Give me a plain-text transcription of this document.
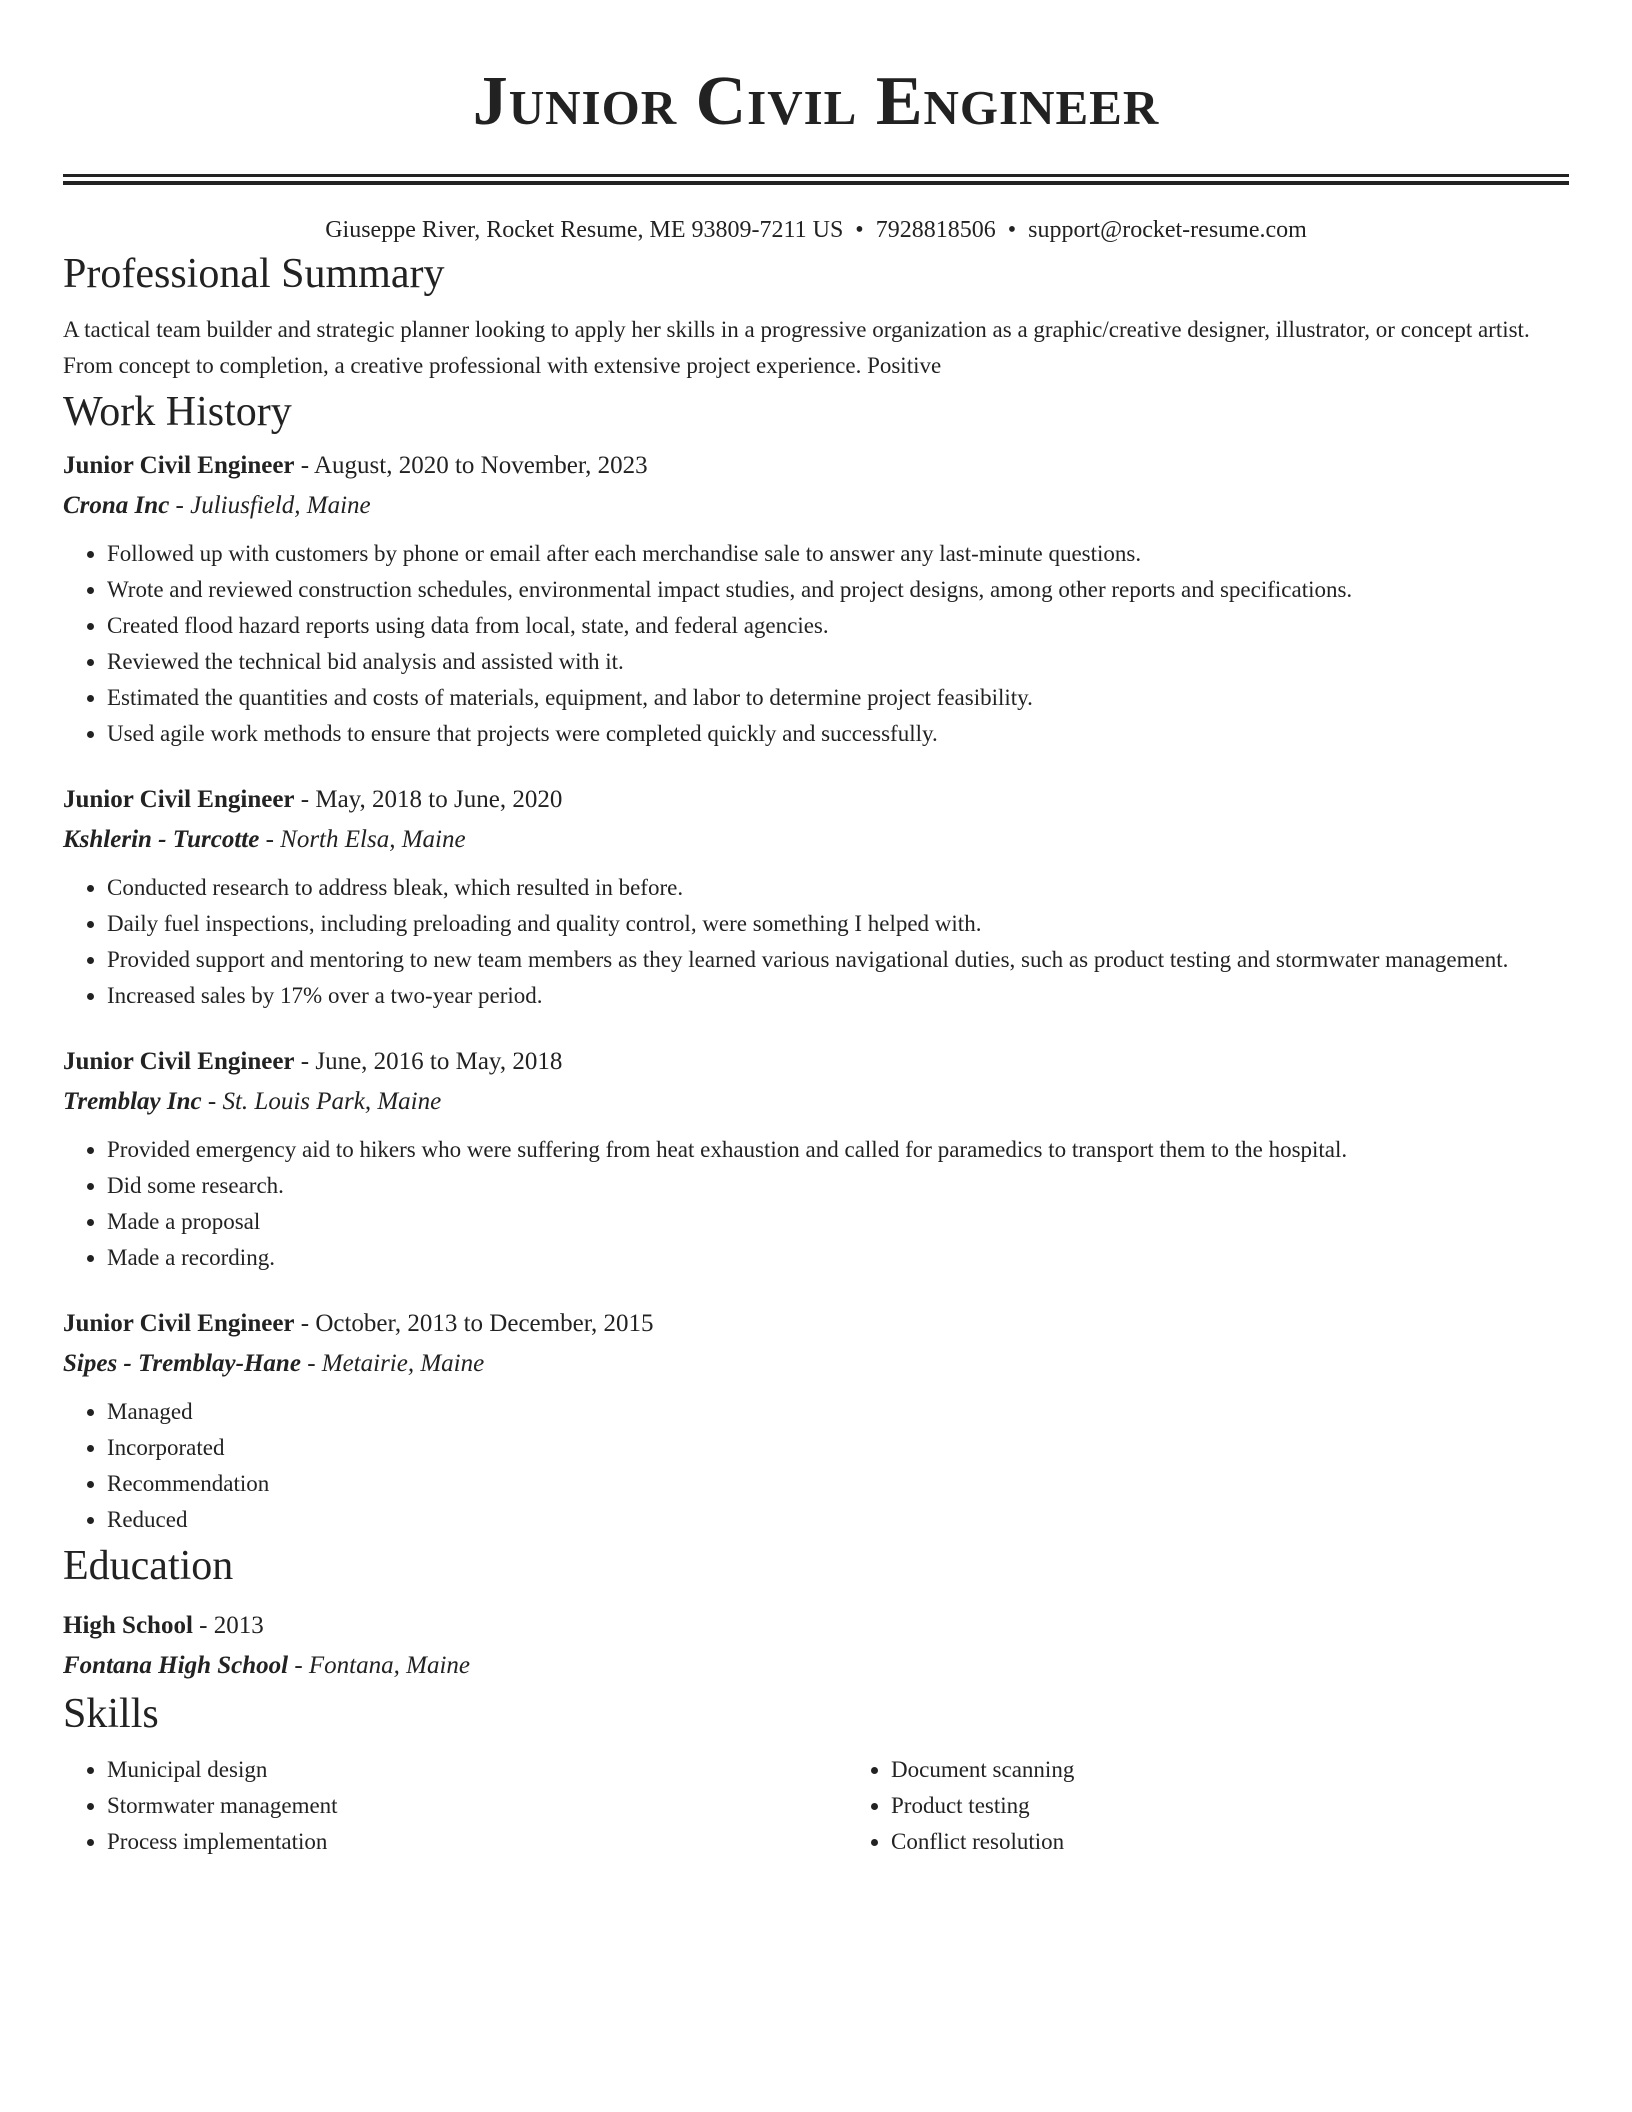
Junior Civil Engineer
Giuseppe River, Rocket Resume, ME 93809-7211 US • 7928818506 • support@rocket-resume.com
Professional Summary

A tactical team builder and strategic planner looking to apply her skills in a progressive organization as a graphic/creative designer, illustrator, or concept artist. From concept to completion, a creative professional with extensive project experience. Positive

Work History
Junior Civil Engineer - August, 2020 to November, 2023
Crona Inc - Juliusfield, Maine
• Followed up with customers by phone or email after each merchandise sale to answer any last-minute questions.
• Wrote and reviewed construction schedules, environmental impact studies, and project designs, among other reports and specifications.
• Created flood hazard reports using data from local, state, and federal agencies.
• Reviewed the technical bid analysis and assisted with it.
• Estimated the quantities and costs of materials, equipment, and labor to determine project feasibility.
• Used agile work methods to ensure that projects were completed quickly and successfully.
Junior Civil Engineer - May, 2018 to June, 2020
Kshlerin - Turcotte - North Elsa, Maine
• Conducted research to address bleak, which resulted in before.
• Daily fuel inspections, including preloading and quality control, were something I helped with.
• Provided support and mentoring to new team members as they learned various navigational duties, such as product testing and stormwater management.
• Increased sales by 17% over a two-year period.
Junior Civil Engineer - June, 2016 to May, 2018
Tremblay Inc - St. Louis Park, Maine
• Provided emergency aid to hikers who were suffering from heat exhaustion and called for paramedics to transport them to the hospital.
• Did some research.
• Made a proposal
• Made a recording.
Junior Civil Engineer - October, 2013 to December, 2015
Sipes - Tremblay-Hane - Metairie, Maine
• Managed
• Incorporated
• Recommendation
• Reduced
Education
High School - 2013
Fontana High School - Fontana, Maine
Skills
• Municipal design
• Stormwater management
• Process implementation
• Document scanning
• Product testing
• Conflict resolution
